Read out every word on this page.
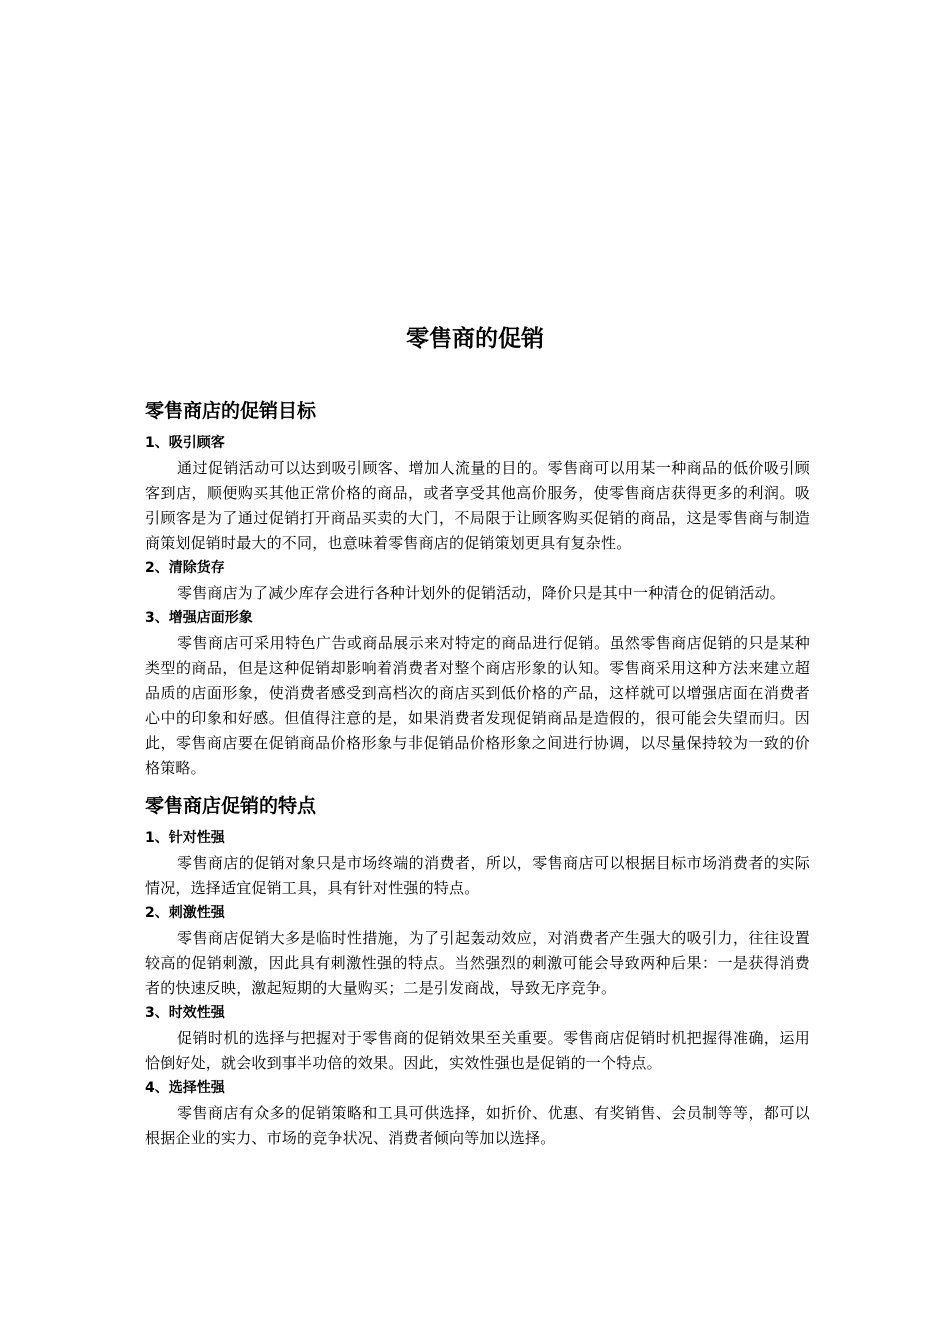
零售商的促销
零售商店的促销目标
1、吸引顾客

通过促销活动可以达到吸引顾客、增加人流量的目的。零售商可以用某一种商品的低价吸引顾客到店，顺便购买其他正常价格的商品，或者享受其他高价服务，使零售商店获得更多的利润。吸引顾客是为了通过促销打开商品买卖的大门，不局限于让顾客购买促销的商品，这是零售商与制造商策划促销时最大的不同，也意味着零售商店的促销策划更具有复杂性。

2、清除货存

零售商店为了减少库存会进行各种计划外的促销活动，降价只是其中一种清仓的促销活动。

3、增强店面形象

零售商店可采用特色广告或商品展示来对特定的商品进行促销。虽然零售商店促销的只是某种类型的商品，但是这种促销却影响着消费者对整个商店形象的认知。零售商采用这种方法来建立超品质的店面形象，使消费者感受到高档次的商店买到低价格的产品，这样就可以增强店面在消费者心中的印象和好感。但值得注意的是，如果消费者发现促销商品是造假的，很可能会失望而归。因此，零售商店要在促销商品价格形象与非促销品价格形象之间进行协调，以尽量保持较为一致的价格策略。

零售商店促销的特点
1、针对性强

零售商店的促销对象只是市场终端的消费者，所以，零售商店可以根据目标市场消费者的实际情况，选择适宜促销工具，具有针对性强的特点。

2、刺激性强

零售商店促销大多是临时性措施，为了引起轰动效应，对消费者产生强大的吸引力，往往设置较高的促销刺激，因此具有刺激性强的特点。当然强烈的刺激可能会导致两种后果：一是获得消费者的快速反映，激起短期的大量购买；二是引发商战，导致无序竞争。

3、时效性强

促销时机的选择与把握对于零售商的促销效果至关重要。零售商店促销时机把握得准确，运用恰倒好处，就会收到事半功倍的效果。因此，实效性强也是促销的一个特点。

4、选择性强

零售商店有众多的促销策略和工具可供选择，如折价、优惠、有奖销售、会员制等等，都可以根据企业的实力、市场的竞争状况、消费者倾向等加以选择。
